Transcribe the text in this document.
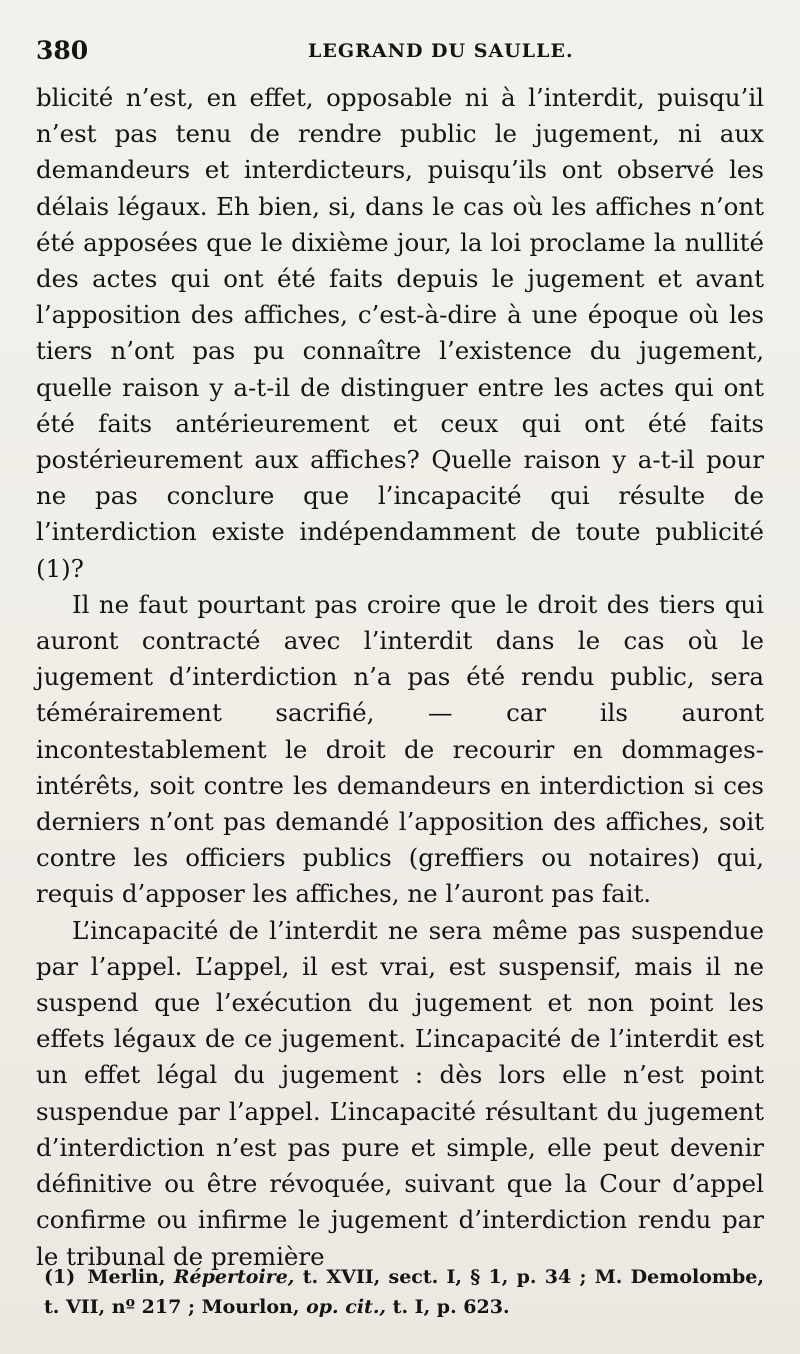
380	LEGRAND DU SAULLE.

blicité n’est, en effet, opposable ni à l’interdit, puisqu’il n’est pas tenu de rendre public le jugement, ni aux demandeurs et interdicteurs, puisqu’ils ont observé les délais légaux. Eh bien, si, dans le cas où les affiches n’ont été apposées que le dixième jour, la loi proclame la nullité des actes qui ont été faits depuis le jugement et avant l’apposition des affiches, c’est-à-dire à une époque où les tiers n’ont pas pu connaître l’existence du jugement, quelle raison y a-t-il de distinguer entre les actes qui ont été faits antérieurement et ceux qui ont été faits postérieurement aux affiches? Quelle raison y a-t-il pour ne pas conclure que l’incapacité qui résulte de l’interdiction existe indépendamment de toute publicité (1)?

Il ne faut pourtant pas croire que le droit des tiers qui auront contracté avec l’interdit dans le cas où le jugement d’interdiction n’a pas été rendu public, sera témérairement sacrifié, — car ils auront incontestablement le droit de recourir en dommages-intérêts, soit contre les demandeurs en interdiction si ces derniers n’ont pas demandé l’apposition des affiches, soit contre les officiers publics (greffiers ou notaires) qui, requis d’apposer les affiches, ne l’auront pas fait.

L’incapacité de l’interdit ne sera même pas suspendue par l’appel. L’appel, il est vrai, est suspensif, mais il ne suspend que l’exécution du jugement et non point les effets légaux de ce jugement. L’incapacité de l’interdit est un effet légal du jugement : dès lors elle n’est point suspendue par l’appel. L’incapacité résultant du jugement d’interdiction n’est pas pure et simple, elle peut devenir définitive ou être révoquée, suivant que la Cour d’appel confirme ou infirme le jugement d’interdiction rendu par le tribunal de première

(1) Merlin, Répertoire, t. XVII, sect. I, § 1, p. 34 ; M. Demolombe, t. VII, nº 217 ; Mourlon, op. cit., t. I, p. 623.
